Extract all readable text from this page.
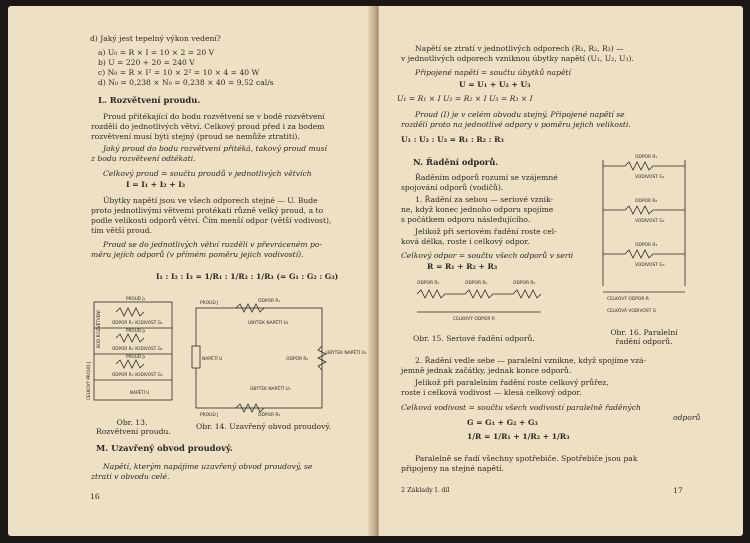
d) Jaký jest tepelný výkon vedení?
a) U₀ = R × I = 10 × 2 = 20 V
b) U = 220 + 20 = 240 V
c) N₀ = R × I² = 10 × 2² = 10 × 4 = 40 W
d) N₀ = 0,238 × N₀ = 0,238 × 40 = 9,52 cal/s
L. Rozvětvení proudu.
Proud přitékající do bodu rozvětvení se v bodě rozvětvení
rozdělí do jednotlivých větví. Celkový proud před i za bodem
rozvětvení musí býti stejný (proud se nemůže ztratiti).
Jaký proud do bodu rozvětvení přitéká, takový proud musí
z bodu rozvětvení odtékati.
Celkový proud = součtu proudů v jednotlivých větvích
I = I₁ + I₂ + I₃
Úbytky napětí jsou ve všech odporech stejné — U. Bude
proto jednotlivými větvemi protékati různě velký proud, a to
podle velikosti odporů větví. Čím menší odpor (větší vodivost),
tím větší proud.
Proud se do jednotlivých větví rozdělí v převráceném po-
měru jejích odporů (v přímém poměru jejich vodivostí).
I₁ : I₂ : I₃ = 1/R₁ : 1/R₂ : 1/R₃ (= G₁ : G₂ : G₃)
PROUD J₁
ODPOR R₁ VODIVOST G₁
PROUD J₂
ODPOR R₂ VODIVOST G₂
PROUD J₃
ODPOR R₃ VODIVOST G₃
CELKOVÝ PROUD J
BOD ROZVĚTVENÍ
NAPĚTÍ U
PROUD J	ODPOR R₁
ÚBYTEK NAPĚTÍ U₁
NAPĚTÍ U	ODPOR R₂
ÚBYTEK NAPĚTÍ U₂
ÚBYTEK NAPĚTÍ U₃
ODPOR R₃
PROUD J
Obr. 13.
Rozvětvení proudu.
Obr. 14. Uzavřený obvod proudový.
M. Uzavřený obvod proudový.
Napětí, kterým napájíme uzavřený obvod proudový, se
ztratí v obvodu celé.
16
Napětí se ztratí v jednotlivých odporech (R₁, R₂, R₃) —
v jednotlivých odporech vzniknou úbytky napětí (U₁, U₂, U₃).
Připojené napětí = součtu úbytků napětí
U = U₁ + U₂ + U₃
U₁ = R₁ × I U₂ = R₂ × I U₃ = R₃ × I
Proud (I) je v celém obvodu stejný. Připojené napětí se
rozdělí proto na jednotlivé odpory v poměru jejich velikosti.
U₁ : U₂ : U₃ = R₁ : R₂ : R₃
N. Řadění odporů.
Řaděním odporů rozumí se vzájemné
spojování odporů (vodičů).
1. Řadění za sebou — seriové vznik-
ne, když konec jednoho odporu spojíme
s počátkem odporu následujícího.
Jelikož při seriovém řadění roste cel-
ková délka, roste i celkový odpor.
Celkový odpor = součtu všech odporů v serii
R = R₁ + R₂ + R₃
ODPOR R₁	ODPOR R₂	ODPOR R₃
CELKOVÝ ODPOR R
ODPOR R₁
VODIVOST G₁
ODPOR R₂
VODIVOST G₂
ODPOR R₃
VODIVOST G₃
CELKOVÝ ODPOR R
CELKOVÁ VODIVOST G
Obr. 15. Seriové řadění odporů.
Obr. 16. Paralelní
řadění odporů.
2. Řadění vedle sebe — paralelní vznikne, když spojíme vzá-
jemně jednak začátky, jednak konce odporů.
Jelikož při paralelním řadění roste celkový průřez,
roste i celková vodivost — klesá celkový odpor.
Celková vodivost = součtu všech vodivostí paralelně řaděných
odporů
G = G₁ + G₂ + G₃
1/R = 1/R₁ + 1/R₂ + 1/R₃
Paralelně se řadí všechny spotřebiče. Spotřebiče jsou pak
připojeny na stejné napětí.
2 Základy I. díl	17
